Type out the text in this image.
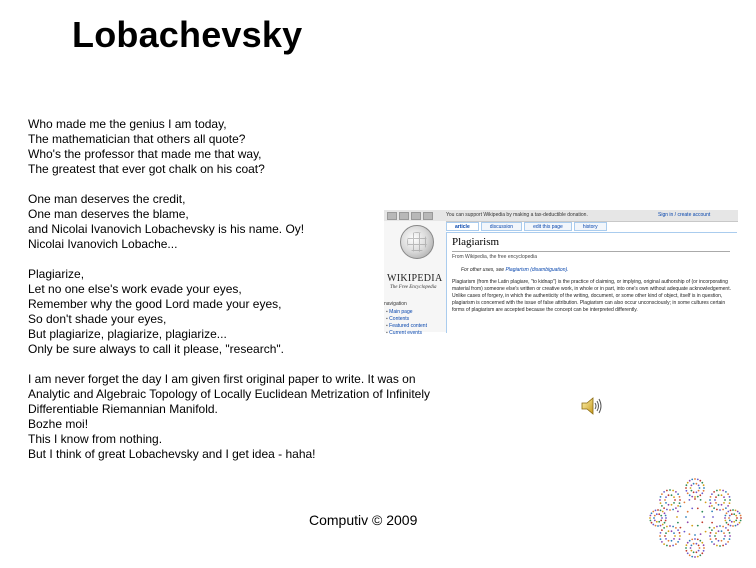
Lobachevsky
Who made me the genius I am today,
The mathematician that others all quote?
Who's the professor that made me that way,
The greatest that ever got chalk on his coat?
One man deserves the credit,
One man deserves the blame,
and Nicolai Ivanovich Lobachevsky is his name. Oy!
Nicolai Ivanovich Lobache...
Plagiarize,
Let no one else's work evade your eyes,
Remember why the good Lord made your eyes,
So don't shade your eyes,
But plagiarize, plagiarize, plagiarize...
Only be sure always to call it please, "research".
I am never forget the day I am given first original paper to write. It was on
Analytic and Algebraic Topology of Locally Euclidean Metrization of Infinitely
Differentiable Riemannian Manifold.
Bozhe moi!
This I know from nothing.
But I think of great Lobachevsky and I get idea - haha!
You can support Wikipedia by making a tax-deductible donation.	Sign in / create account
WIKIPEDIA
The Free Encyclopedia
navigation
▪ Main page
▪ Contents
▪ Featured content
▪ Current events
article	discussion	edit this page	history
Plagiarism
From Wikipedia, the free encyclopedia
For other uses, see Plagiarism (disambiguation).
Plagiarism (from the Latin plagiare, "to kidnap") is the practice of claiming, or implying, original authorship of (or incorporating material from) someone else's written or creative work, in whole or in part, into one's own without adequate acknowledgement. Unlike cases of forgery, in which the authenticity of the writing, document, or some other kind of object, itself is in question, plagiarism is concerned with the issue of false attribution. Plagiarism can also occur unconsciously; in some cultures certain forms of plagiarism are accepted because the concept can be interpreted differently.
Computiv © 2009
